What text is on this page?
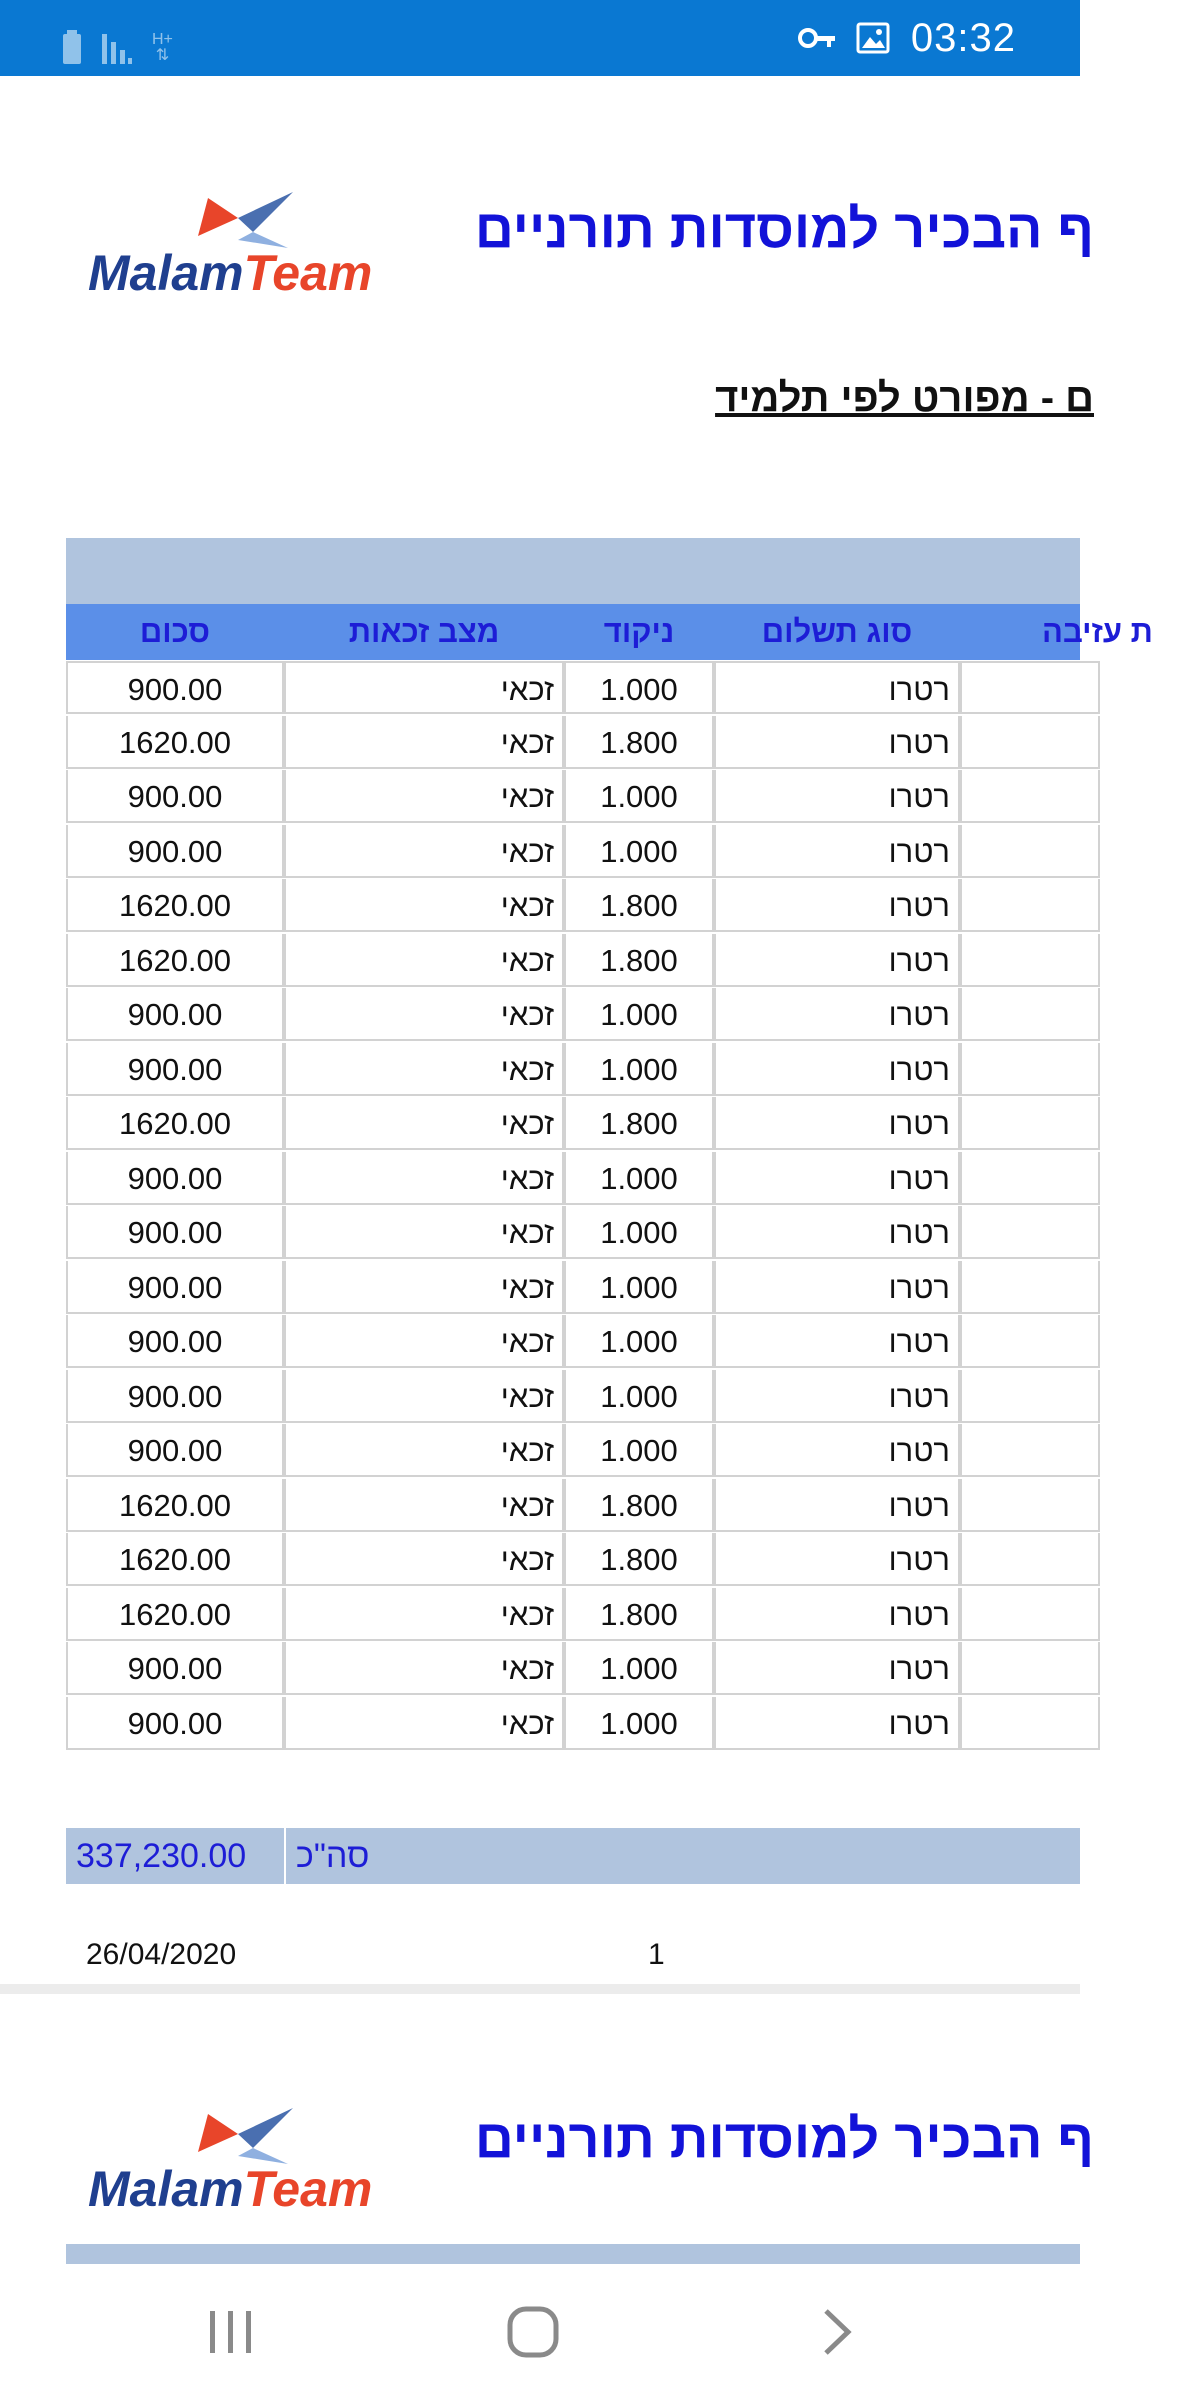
H+
⇅	03:32
MalamTeam
ף הבכיר למוסדות תורניים
ם - מפורט לפי תלמיד
סכום	מצב זכאות	ניקוד	סוג תשלום	ת עזיבה
900.00	זכאי	1.000	רטרו
1620.00	זכאי	1.800	רטרו
900.00	זכאי	1.000	רטרו
900.00	זכאי	1.000	רטרו
1620.00	זכאי	1.800	רטרו
1620.00	זכאי	1.800	רטרו
900.00	זכאי	1.000	רטרו
900.00	זכאי	1.000	רטרו
1620.00	זכאי	1.800	רטרו
900.00	זכאי	1.000	רטרו
900.00	זכאי	1.000	רטרו
900.00	זכאי	1.000	רטרו
900.00	זכאי	1.000	רטרו
900.00	זכאי	1.000	רטרו
900.00	זכאי	1.000	רטרו
1620.00	זכאי	1.800	רטרו
1620.00	זכאי	1.800	רטרו
1620.00	זכאי	1.800	רטרו
900.00	זכאי	1.000	רטרו
900.00	זכאי	1.000	רטרו
337,230.00 סה"כ
26/04/2020	1
MalamTeam
ף הבכיר למוסדות תורניים
